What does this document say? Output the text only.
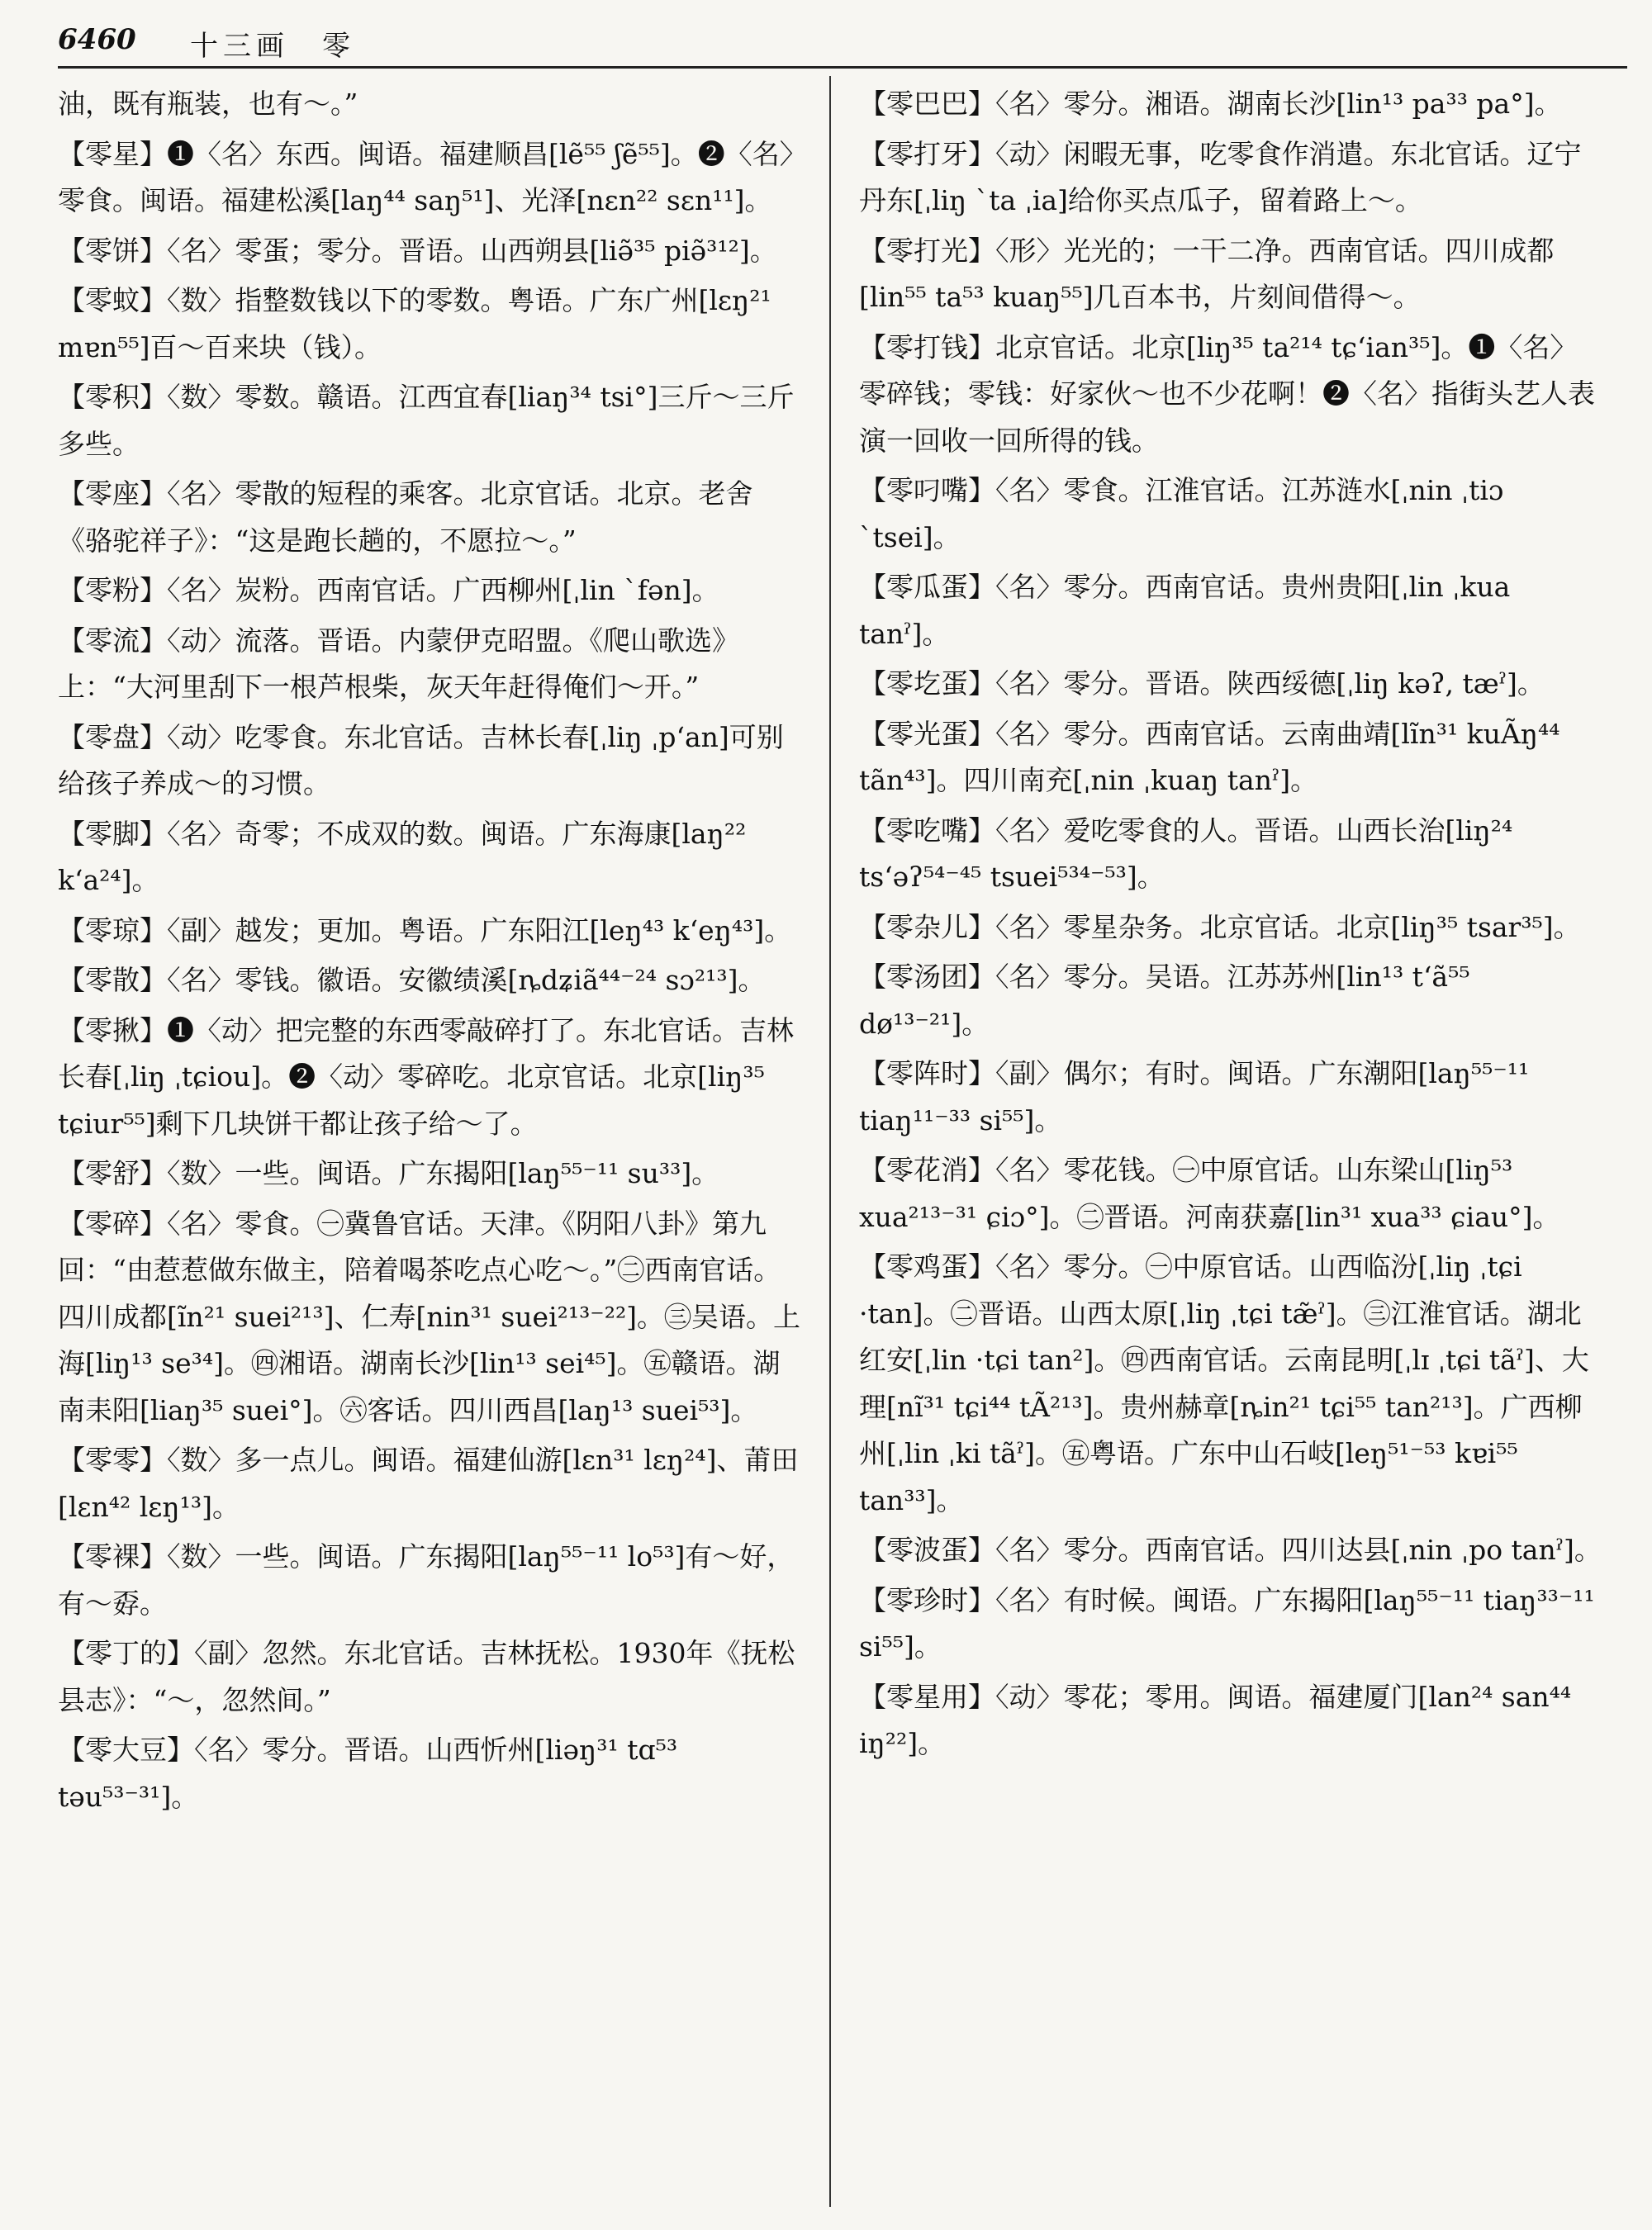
6460 十三画　零
油，既有瓶装，也有～。”
【零星】❶〈名〉东西。闽语。福建顺昌[lẽ⁵⁵ ʃẽ⁵⁵]。❷〈名〉零食。闽语。福建松溪[laŋ⁴⁴ saŋ⁵¹]、光泽[nɛn²² sɛn¹¹]。
【零饼】〈名〉零蛋；零分。晋语。山西朔县[liə̃³⁵ piə̃³¹²]。
【零蚊】〈数〉指整数钱以下的零数。粤语。广东广州[lɛŋ²¹ mɐn⁵⁵]百～百来块（钱）。
【零积】〈数〉零数。赣语。江西宜春[liaŋ³⁴ tsi°]三斤～三斤多些。
【零座】〈名〉零散的短程的乘客。北京官话。北京。老舍《骆驼祥子》：“这是跑长趟的，不愿拉～。”
【零粉】〈名〉炭粉。西南官话。广西柳州[ˌlin ˋfən]。
【零流】〈动〉流落。晋语。内蒙伊克昭盟。《爬山歌选》上：“大河里刮下一根芦根柴，灰天年赶得俺们～开。”
【零盘】〈动〉吃零食。东北官话。吉林长春[ˌliŋ ˌpʻan]可别给孩子养成～的习惯。
【零脚】〈名〉奇零；不成双的数。闽语。广东海康[laŋ²² kʻa²⁴]。
【零琼】〈副〉越发；更加。粤语。广东阳江[leŋ⁴³ kʻeŋ⁴³]。
【零散】〈名〉零钱。徽语。安徽绩溪[ȵdʑiã⁴⁴⁻²⁴ sɔ²¹³]。
【零揪】❶〈动〉把完整的东西零敲碎打了。东北官话。吉林长春[ˌliŋ ˌtɕiou]。❷〈动〉零碎吃。北京官话。北京[liŋ³⁵ tɕiur⁵⁵]剩下几块饼干都让孩子给～了。
【零舒】〈数〉一些。闽语。广东揭阳[laŋ⁵⁵⁻¹¹ su³³]。
【零碎】〈名〉零食。㊀冀鲁官话。天津。《阴阳八卦》第九回：“由惹惹做东做主，陪着喝茶吃点心吃～。”㊁西南官话。四川成都[ĩn²¹ suei²¹³]、仁寿[nin³¹ suei²¹³⁻²²]。㊂吴语。上海[liŋ¹³ se³⁴]。㊃湘语。湖南长沙[lin¹³ sei⁴⁵]。㊄赣语。湖南耒阳[liaŋ³⁵ suei°]。㊅客话。四川西昌[laŋ¹³ suei⁵³]。
【零零】〈数〉多一点儿。闽语。福建仙游[lɛn³¹ lɛŋ²⁴]、莆田[lɛn⁴² lɛŋ¹³]。
【零裸】〈数〉一些。闽语。广东揭阳[laŋ⁵⁵⁻¹¹ lo⁵³]有～好，有～孬。
【零丁的】〈副〉忽然。东北官话。吉林抚松。1930年《抚松县志》：“～，忽然间。”
【零大豆】〈名〉零分。晋语。山西忻州[liəŋ³¹ tɑ⁵³ təu⁵³⁻³¹]。
【零巴巴】〈名〉零分。湘语。湖南长沙[lin¹³ pa³³ pa°]。
【零打牙】〈动〉闲暇无事，吃零食作消遣。东北官话。辽宁丹东[ˌliŋ ˋta ˌia]给你买点瓜子，留着路上～。
【零打光】〈形〉光光的；一干二净。西南官话。四川成都[lin⁵⁵ ta⁵³ kuaŋ⁵⁵]几百本书，片刻间借得～。
【零打钱】北京官话。北京[liŋ³⁵ ta²¹⁴ tɕʻian³⁵]。❶〈名〉零碎钱；零钱：好家伙～也不少花啊！❷〈名〉指街头艺人表演一回收一回所得的钱。
【零叼嘴】〈名〉零食。江淮官话。江苏涟水[ˌnin ˌtiɔ ˋtsei]。
【零瓜蛋】〈名〉零分。西南官话。贵州贵阳[ˌlin ˌkua tanˀ]。
【零圪蛋】〈名〉零分。晋语。陕西绥德[ˌliŋ kəʔ, tæˀ]。
【零光蛋】〈名〉零分。西南官话。云南曲靖[lĩn³¹ kuÃŋ⁴⁴ tãn⁴³]。四川南充[ˌnin ˌkuaŋ tanˀ]。
【零吃嘴】〈名〉爱吃零食的人。晋语。山西长治[liŋ²⁴ tsʻəʔ⁵⁴⁻⁴⁵ tsuei⁵³⁴⁻⁵³]。
【零杂儿】〈名〉零星杂务。北京官话。北京[liŋ³⁵ tsar³⁵]。
【零汤团】〈名〉零分。吴语。江苏苏州[lin¹³ tʻã⁵⁵ dø¹³⁻²¹]。
【零阵时】〈副〉偶尔；有时。闽语。广东潮阳[laŋ⁵⁵⁻¹¹ tiaŋ¹¹⁻³³ si⁵⁵]。
【零花消】〈名〉零花钱。㊀中原官话。山东梁山[liŋ⁵³ xua²¹³⁻³¹ ɕiɔ°]。㊁晋语。河南获嘉[lin³¹ xua³³ ɕiau°]。
【零鸡蛋】〈名〉零分。㊀中原官话。山西临汾[ˌliŋ ˌtɕi ·tan]。㊁晋语。山西太原[ˌliŋ ˌtɕi tæ̃ˀ]。㊂江淮官话。湖北红安[ˌlin ·tɕi tan²]。㊃西南官话。云南昆明[ˌlɪ ˌtɕi tãˀ]、大理[nĩ³¹ tɕi⁴⁴ tÃ²¹³]。贵州赫章[ȵin²¹ tɕi⁵⁵ tan²¹³]。广西柳州[ˌlin ˌki tãˀ]。㊄粤语。广东中山石岐[leŋ⁵¹⁻⁵³ kɐi⁵⁵ tan³³]。
【零波蛋】〈名〉零分。西南官话。四川达县[ˌnin ˌpo tanˀ]。
【零珍时】〈名〉有时候。闽语。广东揭阳[laŋ⁵⁵⁻¹¹ tiaŋ³³⁻¹¹ si⁵⁵]。
【零星用】〈动〉零花；零用。闽语。福建厦门[lan²⁴ san⁴⁴ iŋ²²]。
